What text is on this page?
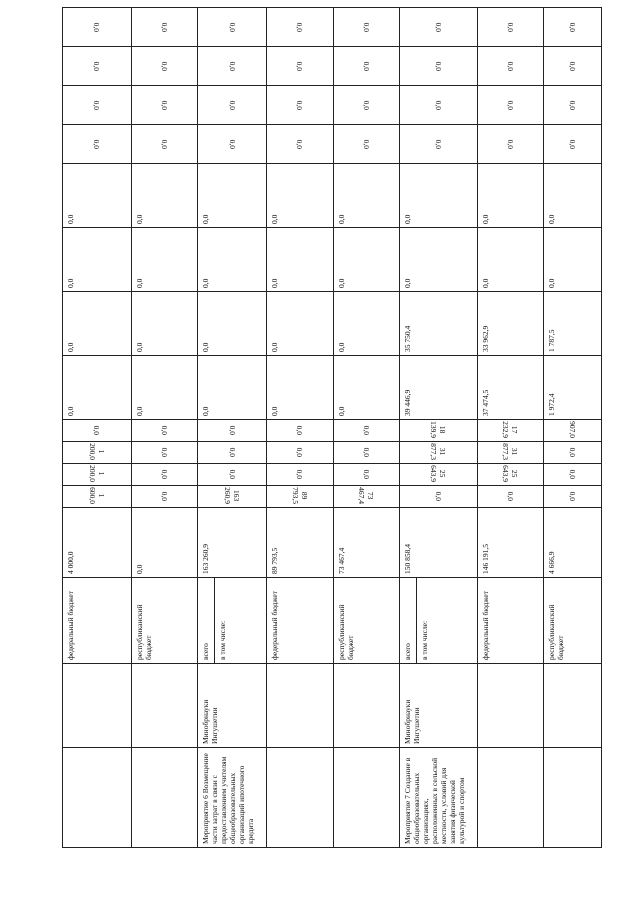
		федеральный бюджет	4 000,0	1 600,0	1 200,0	1 200,0	0,0	0,0	0,0	0,0	0,0	0,0	0,0	0,0	0,0

		республиканский бюджет	0,0	0,0	0,0	0,0	0,0	0,0	0,0	0,0	0,0	0,0	0,0	0,0	0,0
Мероприятие 6 Возмещение части затрат в связи с предоставлением учителям общеобразовательных организаций ипотечного кредита	Минобрнауки Ингушетии	всего в том числе:	163 260,9	163 260,9	0,0	0,0	0,0	0,0	0,0	0,0	0,0	0,0	0,0	0,0	0,0

		федеральный бюджет	89 793,5	89 793,5	0,0	0,0	0,0	0,0	0,0	0,0	0,0	0,0	0,0	0,0	0,0

		республиканский бюджет	73 467,4	73 467,4	0,0	0,0	0,0	0,0	0,0	0,0	0,0	0,0	0,0	0,0	0,0
Мероприятие 7 Создание в общеобразовательных организациях, расположенных в сельской местности, условий для занятия физической культурой и спортом	Минобрнауки Ингушетии	всего в том числе:	150 858,4	0,0	25 643,9	31 877,3	18 139,9	39 446,9	35 750,4	0,0	0,0	0,0	0,0	0,0	0,0

		федеральный бюджет	146 191,5	0,0	25 643,9	31 877,3	17 232,9	37 474,5	33 962,9	0,0	0,0	0,0	0,0	0,0	0,0

		республиканский бюджет	4 666,9	0,0	0,0	0,0	907,0	1 972,4	1 787,5	0,0	0,0	0,0	0,0	0,0	0,0
